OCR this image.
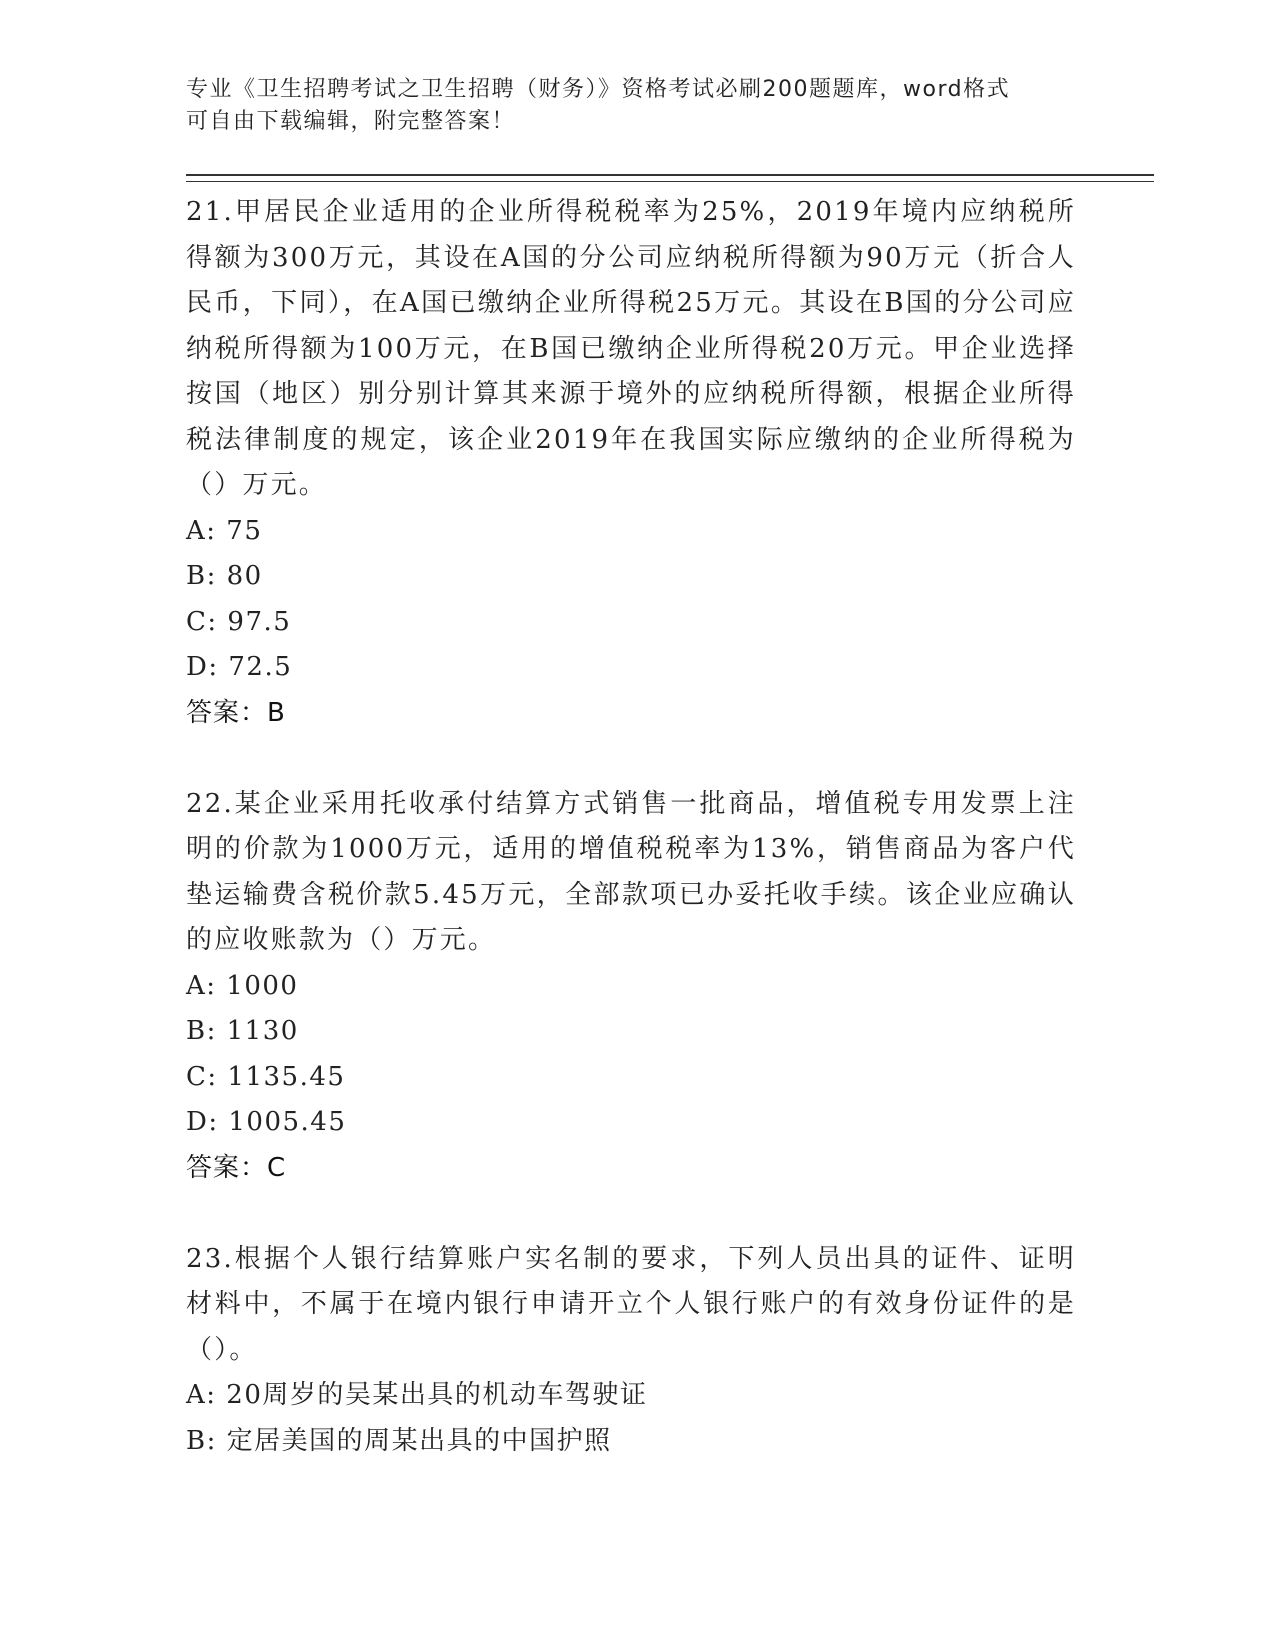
专业《卫生招聘考试之卫生招聘（财务）》资格考试必刷200题题库，word格式
可自由下载编辑，附完整答案！

21.甲居民企业适用的企业所得税税率为25%，2019年境内应纳税所得额为300万元，其设在A国的分公司应纳税所得额为90万元（折合人民币，下同），在A国已缴纳企业所得税25万元。其设在B国的分公司应纳税所得额为100万元，在B国已缴纳企业所得税20万元。甲企业选择按国（地区）别分别计算其来源于境外的应纳税所得额，根据企业所得税法律制度的规定，该企业2019年在我国实际应缴纳的企业所得税为（）万元。

A: 75

B: 80

C: 97.5

D: 72.5

答案：B

22.某企业采用托收承付结算方式销售一批商品，增值税专用发票上注明的价款为1000万元，适用的增值税税率为13%，销售商品为客户代垫运输费含税价款5.45万元，全部款项已办妥托收手续。该企业应确认的应收账款为（）万元。

A: 1000

B: 1130

C: 1135.45

D: 1005.45

答案：C

23.根据个人银行结算账户实名制的要求，下列人员出具的证件、证明材料中，不属于在境内银行申请开立个人银行账户的有效身份证件的是（）。

A: 20周岁的吴某出具的机动车驾驶证

B: 定居美国的周某出具的中国护照
